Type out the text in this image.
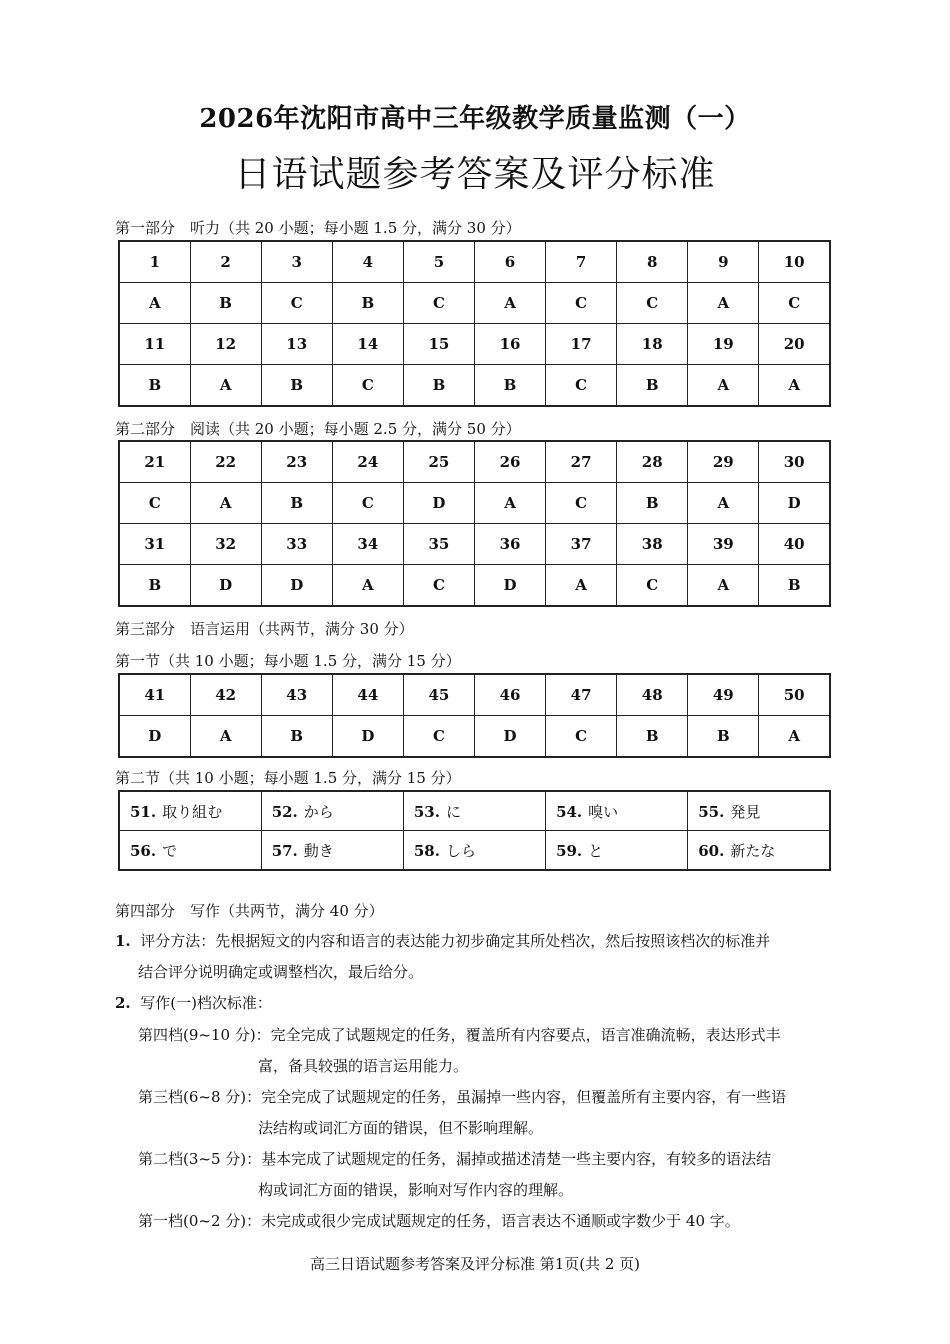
2026年沈阳市高中三年级教学质量监测（一）
日语试题参考答案及评分标准
第一部分　听力（共 20 小题；每小题 1.5 分，满分 30 分）
1	2	3	4	5	6	7	8	9	10
A	B	C	B	C	A	C	C	A	C
11	12	13	14	15	16	17	18	19	20
B	A	B	C	B	B	C	B	A	A
第二部分　阅读（共 20 小题；每小题 2.5 分，满分 50 分）
21	22	23	24	25	26	27	28	29	30
C	A	B	C	D	A	C	B	A	D
31	32	33	34	35	36	37	38	39	40
B	D	D	A	C	D	A	C	A	B
第三部分　语言运用（共两节，满分 30 分）
第一节（共 10 小题；每小题 1.5 分，满分 15 分）
41	42	43	44	45	46	47	48	49	50
D	A	B	D	C	D	C	B	B	A
第二节（共 10 小题；每小题 1.5 分，满分 15 分）
51. 取り組む	52. から	53. に	54. 嗅い	55. 発見
56. で	57. 動き	58. しら	59. と	60. 新たな
第四部分　写作（共两节，满分 40 分）
1. 评分方法：先根据短文的内容和语言的表达能力初步确定其所处档次，然后按照该档次的标准并
结合评分说明确定或调整档次，最后给分。
2. 写作(一)档次标准：
第四档(9~10 分)：完全完成了试题规定的任务，覆盖所有内容要点，语言准确流畅，表达形式丰
富，备具较强的语言运用能力。
第三档(6~8 分)：完全完成了试题规定的任务，虽漏掉一些内容，但覆盖所有主要内容，有一些语
法结构或词汇方面的错误，但不影响理解。
第二档(3~5 分)：基本完成了试题规定的任务，漏掉或描述清楚一些主要内容，有较多的语法结
构或词汇方面的错误，影响对写作内容的理解。
第一档(0~2 分)：未完成或很少完成试题规定的任务，语言表达不通顺或字数少于 40 字。
高三日语试题参考答案及评分标准 第1页(共 2 页)
